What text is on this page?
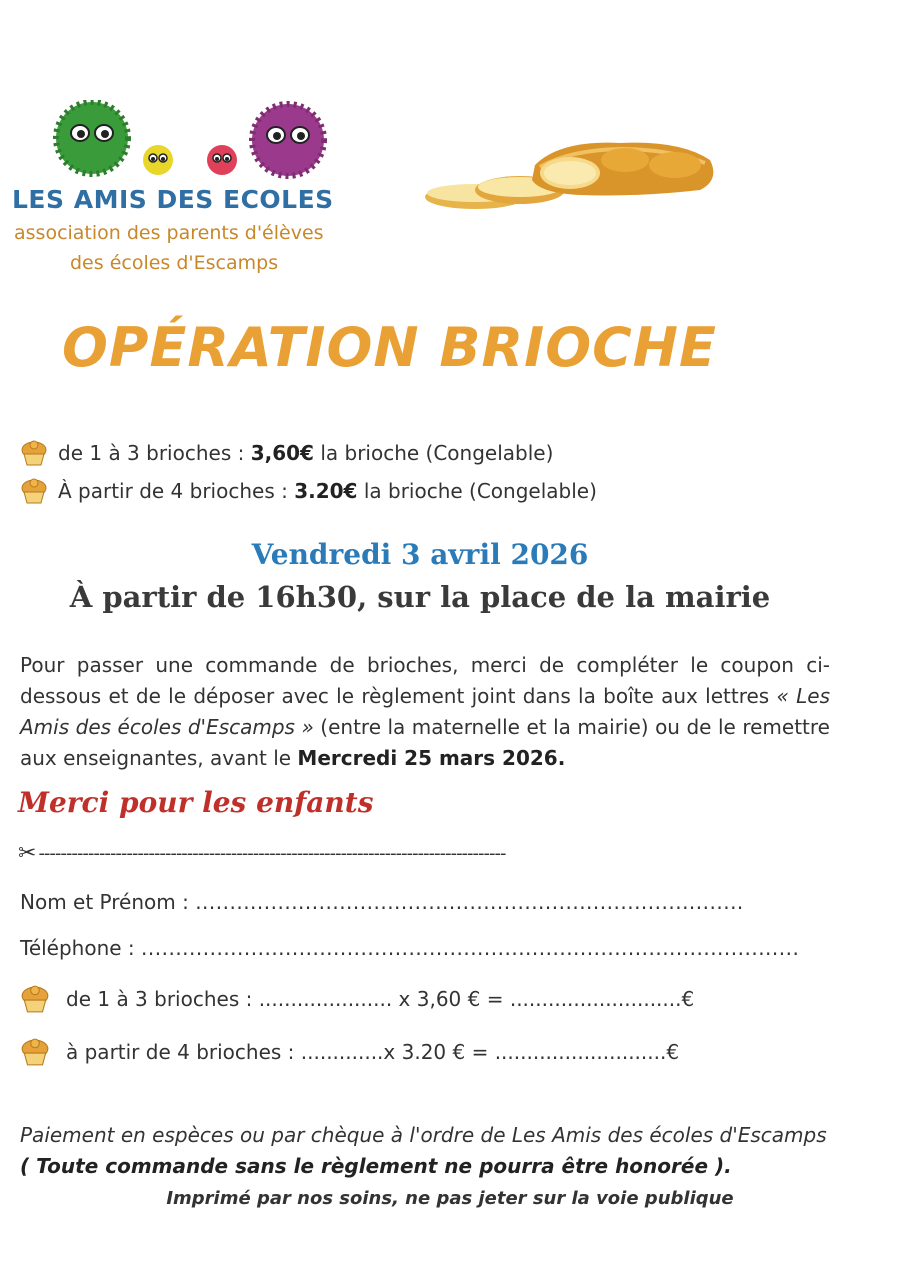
LES AMIS DES ECOLES
association des parents d'élèves
des écoles d'Escamps
OPÉRATION BRIOCHE
de 1 à 3 brioches : 3,60€ la brioche (Congelable)
À partir de 4 brioches : 3.20€ la brioche (Congelable)
Vendredi 3 avril 2026
À partir de 16h30, sur la place de la mairie
Pour passer une commande de brioches, merci de compléter le coupon ci-dessous et de le déposer avec le règlement joint dans la boîte aux lettres « Les Amis des écoles d'Escamps » (entre la maternelle et la mairie) ou de le remettre aux enseignantes, avant le Mercredi 25 mars 2026.
Merci pour les enfants
✂ -------------------------------------------------------------------------------------
Nom et Prénom : ................................................................................
Téléphone : ................................................................................................
de 1 à 3 brioches : ..................... x 3,60 € = ...........................€
à partir de 4 brioches : .............x 3.20 € = ...........................€
Paiement en espèces ou par chèque à l'ordre de Les Amis des écoles d'Escamps ( Toute commande sans le règlement ne pourra être honorée ).
Imprimé par nos soins, ne pas jeter sur la voie publique
